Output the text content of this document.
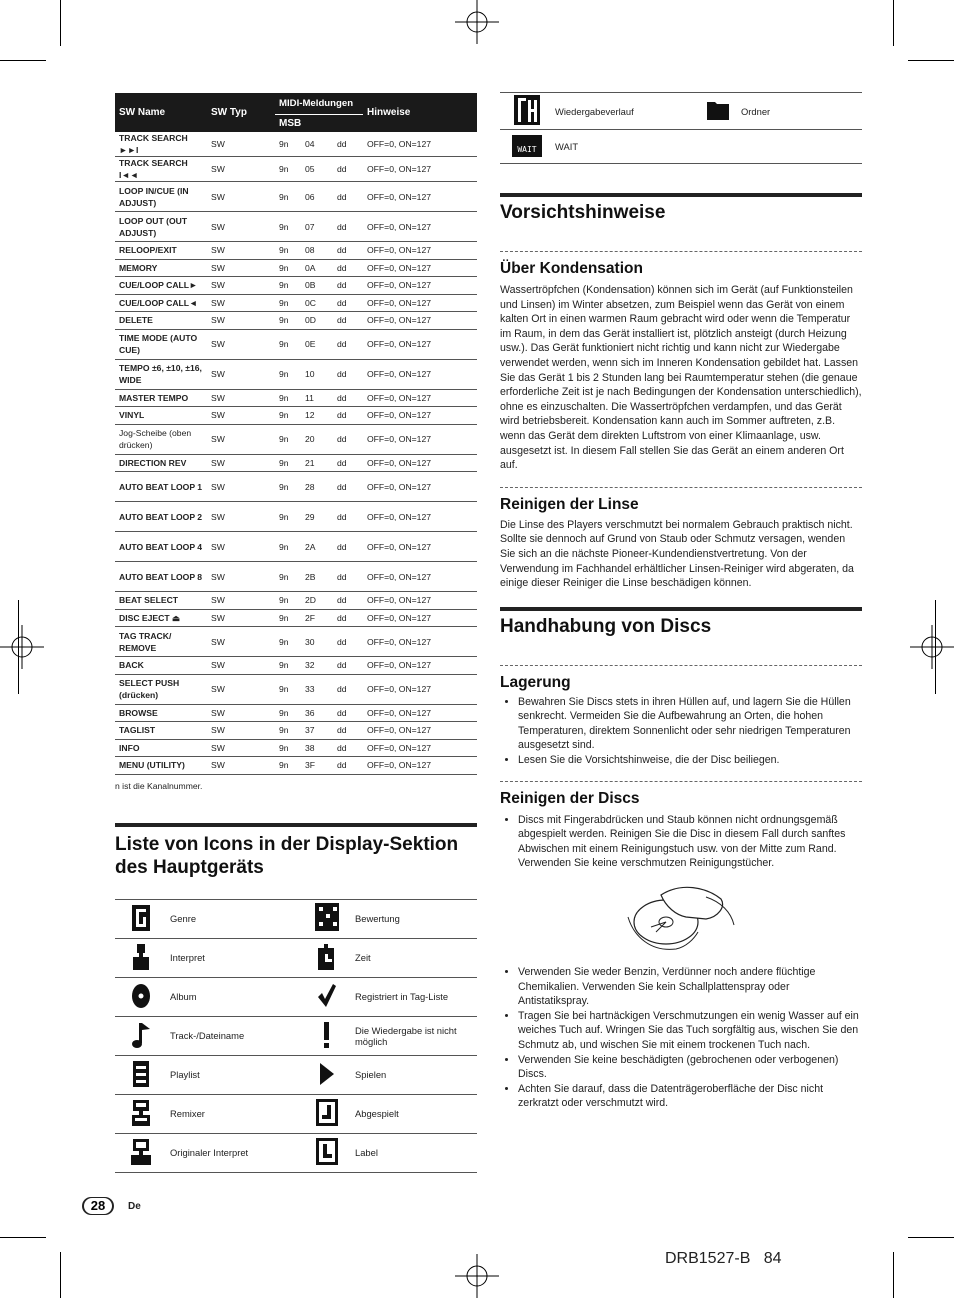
SW Name	SW Typ	MIDI-Meldungen			Hinweise
		MSB			
TRACK SEARCH ►►I	SW	9n	04	dd	OFF=0, ON=127
TRACK SEARCH I◄◄	SW	9n	05	dd	OFF=0, ON=127
LOOP IN/CUE (IN ADJUST)	SW	9n	06	dd	OFF=0, ON=127
LOOP OUT (OUT ADJUST)	SW	9n	07	dd	OFF=0, ON=127
RELOOP/EXIT	SW	9n	08	dd	OFF=0, ON=127
MEMORY	SW	9n	0A	dd	OFF=0, ON=127
CUE/LOOP CALL►	SW	9n	0B	dd	OFF=0, ON=127
CUE/LOOP CALL◄	SW	9n	0C	dd	OFF=0, ON=127
DELETE	SW	9n	0D	dd	OFF=0, ON=127
TIME MODE (AUTO CUE)	SW	9n	0E	dd	OFF=0, ON=127
TEMPO ±6, ±10, ±16, WIDE	SW	9n	10	dd	OFF=0, ON=127
MASTER TEMPO	SW	9n	11	dd	OFF=0, ON=127
VINYL	SW	9n	12	dd	OFF=0, ON=127
Jog-Scheibe (oben drücken)	SW	9n	20	dd	OFF=0, ON=127
DIRECTION REV	SW	9n	21	dd	OFF=0, ON=127
AUTO BEAT LOOP 1	SW	9n	28	dd	OFF=0, ON=127
AUTO BEAT LOOP 2	SW	9n	29	dd	OFF=0, ON=127
AUTO BEAT LOOP 4	SW	9n	2A	dd	OFF=0, ON=127
AUTO BEAT LOOP 8	SW	9n	2B	dd	OFF=0, ON=127
BEAT SELECT	SW	9n	2D	dd	OFF=0, ON=127
DISC EJECT ⏏	SW	9n	2F	dd	OFF=0, ON=127
TAG TRACK/ REMOVE	SW	9n	30	dd	OFF=0, ON=127
BACK	SW	9n	32	dd	OFF=0, ON=127
SELECT PUSH (drücken)	SW	9n	33	dd	OFF=0, ON=127
BROWSE	SW	9n	36	dd	OFF=0, ON=127
TAGLIST	SW	9n	37	dd	OFF=0, ON=127
INFO	SW	9n	38	dd	OFF=0, ON=127
MENU (UTILITY)	SW	9n	3F	dd	OFF=0, ON=127
n ist die Kanalnummer.
Liste von Icons in der Display-Sektion des Hauptgeräts
	Genre		Bewertung
	Interpret		Zeit
	Album		Registriert in Tag-Liste
	Track-/Dateiname		Die Wiedergabe ist nicht möglich
	Playlist		Spielen
	Remixer		Abgespielt
	Originaler Interpret		Label
	Wiedergabeverlauf		Ordner

WAIT	WAIT		
Vorsichtshinweise
Über Kondensation

Wassertröpfchen (Kondensation) können sich im Gerät (auf Funktionsteilen und Linsen) im Winter absetzen, zum Beispiel wenn das Gerät von einem kalten Ort in einen warmen Raum gebracht wird oder wenn die Temperatur im Raum, in dem das Gerät installiert ist, plötzlich ansteigt (durch Heizung usw.). Das Gerät funktioniert nicht richtig und kann nicht zur Wiedergabe verwendet werden, wenn sich im Inneren Kondensation gebildet hat. Lassen Sie das Gerät 1 bis 2 Stunden lang bei Raumtemperatur stehen (die genaue erforderliche Zeit ist je nach Bedingungen der Kondensation unterschiedlich), ohne es einzuschalten. Die Wassertröpfchen verdampfen, und das Gerät wird betriebsbereit. Kondensation kann auch im Sommer auftreten, z.B. wenn das Gerät dem direkten Luftstrom von einer Klimaanlage, usw. ausgesetzt ist. In diesem Fall stellen Sie das Gerät an einem anderen Ort auf.

Reinigen der Linse

Die Linse des Players verschmutzt bei normalem Gebrauch praktisch nicht. Sollte sie dennoch auf Grund von Staub oder Schmutz versagen, wenden Sie sich an die nächste Pioneer-Kundendienstvertretung. Von der Verwendung im Fachhandel erhältlicher Linsen-Reiniger wird abgeraten, da einige dieser Reiniger die Linse beschädigen können.

Handhabung von Discs
Lagerung
• Bewahren Sie Discs stets in ihren Hüllen auf, und lagern Sie die Hüllen senkrecht. Vermeiden Sie die Aufbewahrung an Orten, die hohen Temperaturen, direktem Sonnenlicht oder sehr niedrigen Temperaturen ausgesetzt sind.
• Lesen Sie die Vorsichtshinweise, die der Disc beiliegen.
Reinigen der Discs
• Discs mit Fingerabdrücken und Staub können nicht ordnungsgemäß abgespielt werden. Reinigen Sie die Disc in diesem Fall durch sanftes Abwischen mit einem Reinigungstuch usw. von der Mitte zum Rand. Verwenden Sie keine verschmutzen Reinigungstücher.
• Verwenden Sie weder Benzin, Verdünner noch andere flüchtige Chemikalien. Verwenden Sie kein Schallplattenspray oder Antistatikspray.
• Tragen Sie bei hartnäckigen Verschmutzungen ein wenig Wasser auf ein weiches Tuch auf. Wringen Sie das Tuch sorgfältig aus, wischen Sie den Schmutz ab, und wischen Sie mit einem trockenen Tuch nach.
• Verwenden Sie keine beschädigten (gebrochenen oder verbogenen) Discs.
• Achten Sie darauf, dass die Datenträgeroberfläche der Disc nicht zerkratzt oder verschmutzt wird.
28	De
DRB1527-B 84
